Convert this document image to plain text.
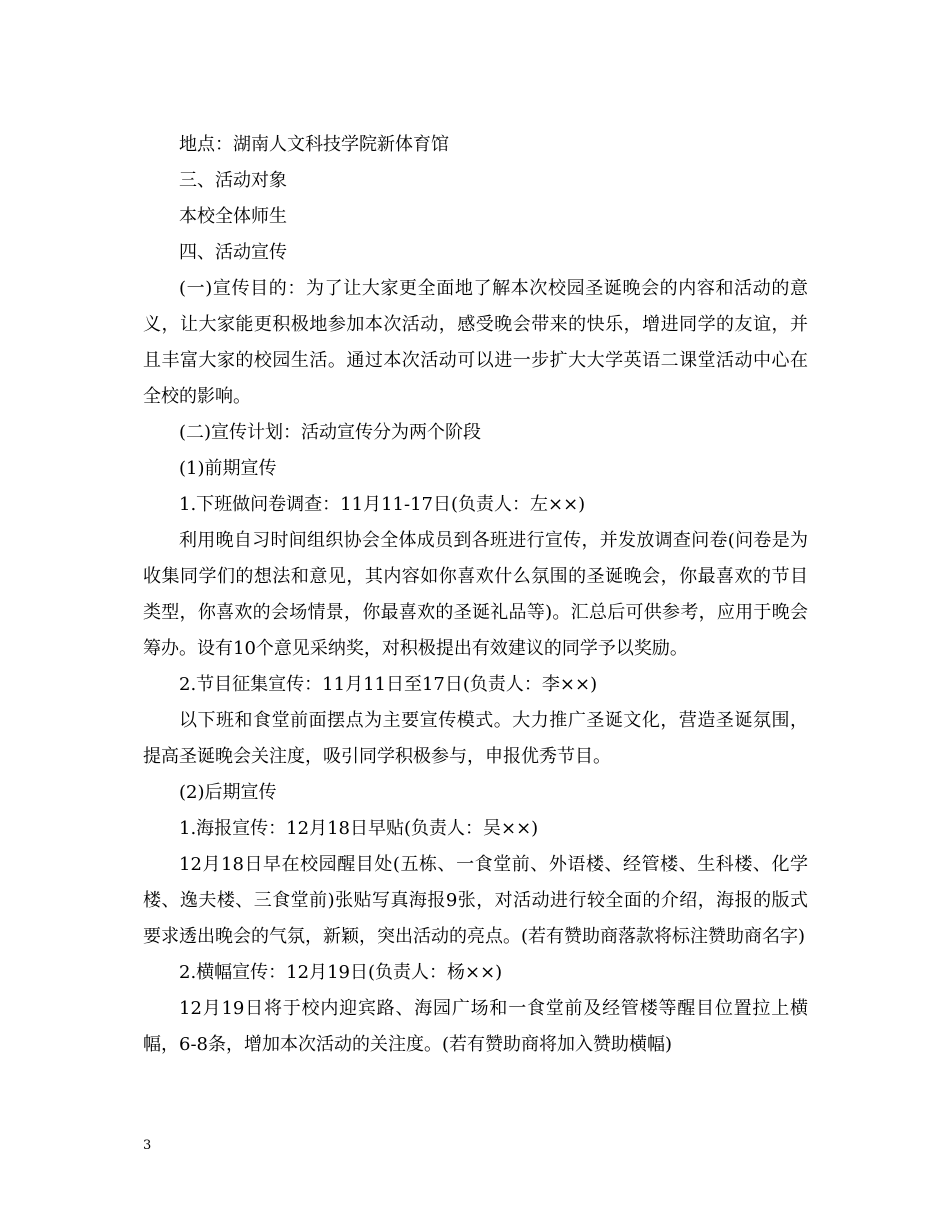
地点：湖南人文科技学院新体育馆

三、活动对象

本校全体师生

四、活动宣传

(一)宣传目的：为了让大家更全面地了解本次校园圣诞晚会的内容和活动的意义，让大家能更积极地参加本次活动，感受晚会带来的快乐，增进同学的友谊，并且丰富大家的校园生活。通过本次活动可以进一步扩大大学英语二课堂活动中心在全校的影响。

(二)宣传计划：活动宣传分为两个阶段

(1)前期宣传

1.下班做问卷调查：11月11-17日(负责人：左××)

利用晚自习时间组织协会全体成员到各班进行宣传，并发放调查问卷(问卷是为收集同学们的想法和意见，其内容如你喜欢什么氛围的圣诞晚会，你最喜欢的节目类型，你喜欢的会场情景，你最喜欢的圣诞礼品等)。汇总后可供参考，应用于晚会筹办。设有10个意见采纳奖，对积极提出有效建议的同学予以奖励。

2.节目征集宣传：11月11日至17日(负责人：李××)

以下班和食堂前面摆点为主要宣传模式。大力推广圣诞文化，营造圣诞氛围，提高圣诞晚会关注度，吸引同学积极参与，申报优秀节目。

(2)后期宣传

1.海报宣传：12月18日早贴(负责人：吴××)

12月18日早在校园醒目处(五栋、一食堂前、外语楼、经管楼、生科楼、化学楼、逸夫楼、三食堂前)张贴写真海报9张，对活动进行较全面的介绍，海报的版式要求透出晚会的气氛，新颖，突出活动的亮点。(若有赞助商落款将标注赞助商名字)

2.横幅宣传：12月19日(负责人：杨××)

12月19日将于校内迎宾路、海园广场和一食堂前及经管楼等醒目位置拉上横幅，6-8条，增加本次活动的关注度。(若有赞助商将加入赞助横幅)

3
